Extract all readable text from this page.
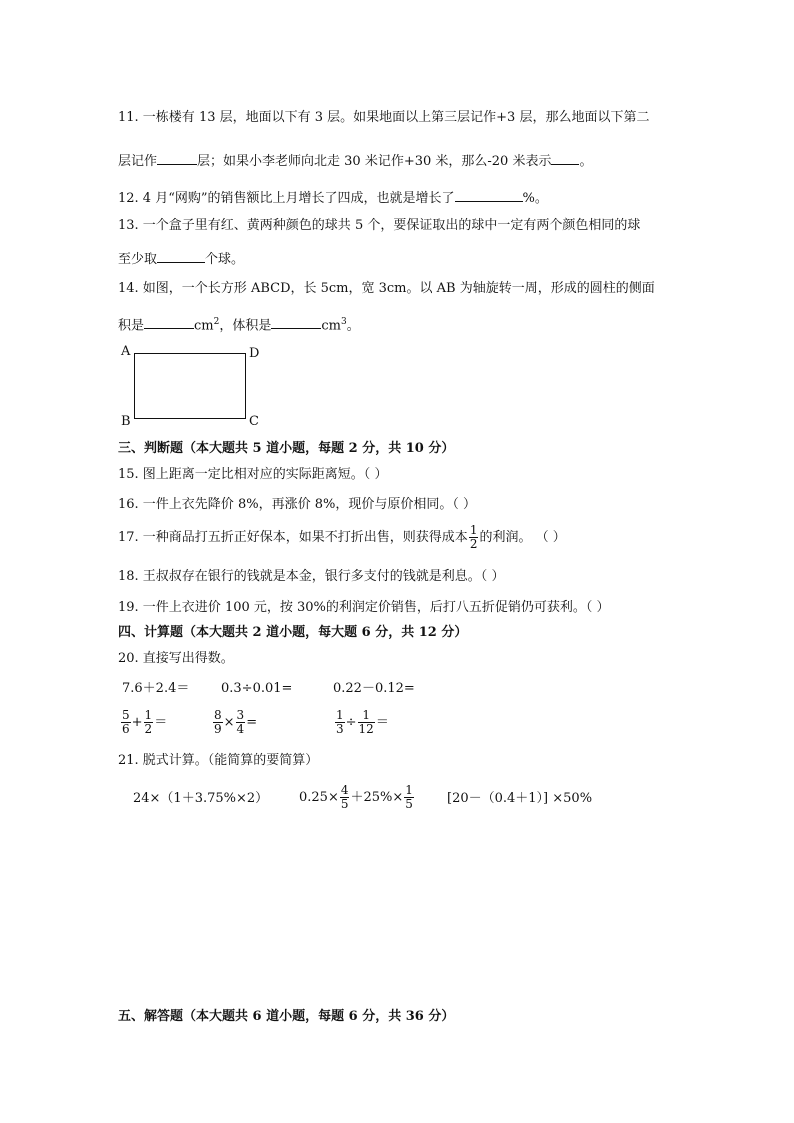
11. 一栋楼有 13 层，地面以下有 3 层。如果地面以上第三层记作+3 层，那么地面以下第二
层记作	层；如果小李老师向北走 30 米记作+30 米，那么-20 米表示 。
12. 4 月“网购”的销售额比上月增长了四成，也就是增长了	%。
13. 一个盒子里有红、黄两种颜色的球共 5 个，要保证取出的球中一定有两个颜色相同的球
至少取	个球。
14. 如图，一个长方形 ABCD，长 5cm，宽 3cm。以 AB 为轴旋转一周，形成的圆柱的侧面
积是	$cm^2$，体积是	$cm^3$。
A	D
B	C
三、判断题（本大题共 5 道小题，每题 2 分，共 10 分）
15. 图上距离一定比相对应的实际距离短。（ ）
16. 一件上衣先降价 8%，再涨价 8%，现价与原价相同。（ ）
17. 一种商品打五折正好保本，如果不打折出售，则获得成本 $\frac{1}{2}$ 的利润。 （ ）
18. 王叔叔存在银行的钱就是本金，银行多支付的钱就是利息。（ ）
19. 一件上衣进价 100 元，按 30%的利润定价销售，后打八五折促销仍可获利。（ ）
四、计算题（本大题共 2 道小题，每大题 6 分，共 12 分）
20. 直接写出得数。
7.6＋2.4＝ 0.3÷0.01=	0.22－0.12=
$\frac{5}{6} + \frac{1}{2}$ ＝	$\frac{8}{9} \times \frac{3}{4}$ =	$\frac{1}{3} \div \frac{1}{12}$ ＝
21. 脱式计算。（能简算的要简算）
24×（1＋3.75%×2） $0.25\times \frac{4}{5} +25\%\times \frac{1}{5}$	[20－（0.4＋1）] ×50%
五、解答题（本大题共 6 道小题，每题 6 分，共 36 分）
